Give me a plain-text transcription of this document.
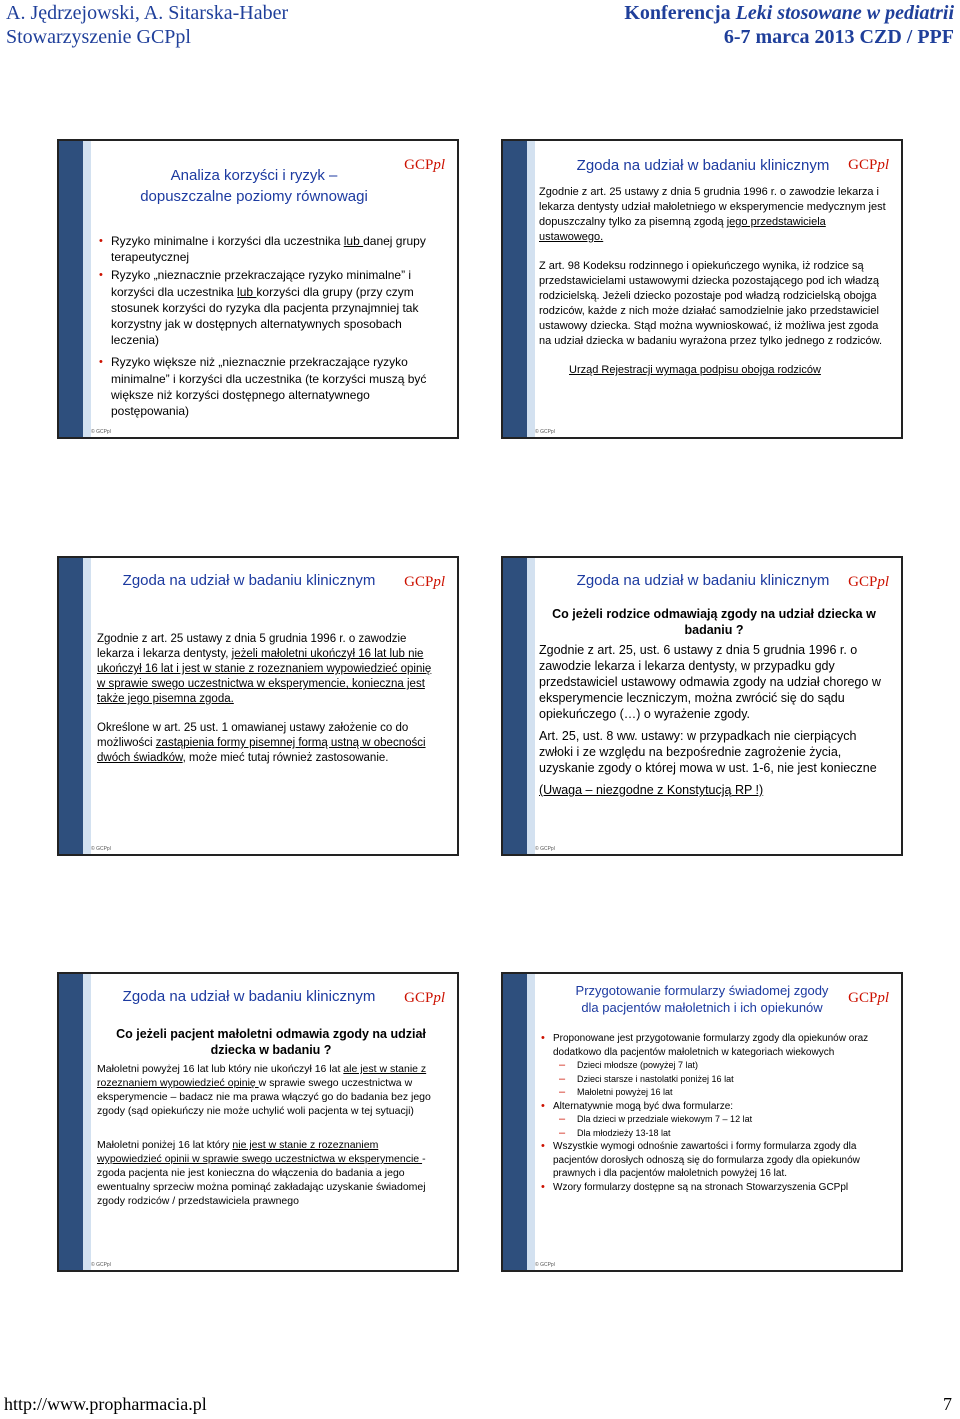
A. Jędrzejowski, A. Sitarska-Haber
Stowarzyszenie GCPpl
Konferencja Leki stosowane w pediatrii
6-7 marca 2013 CZD / PPF
Analiza korzyści i ryzyk –
dopuszczalne poziomy równowagi
GCPpl
• Ryzyko minimalne i korzyści dla uczestnika lub danej grupy terapeutycznej
• Ryzyko „nieznacznie przekraczające ryzyko minimalne” i korzyści dla uczestnika lub korzyści dla grupy (przy czym stosunek korzyści do ryzyka dla pacjenta przynajmniej tak korzystny jak w dostępnych alternatywnych sposobach leczenia)
• Ryzyko większe niż „nieznacznie przekraczające ryzyko minimalne” i korzyści dla uczestnika (te korzyści muszą być większe niż korzyści dostępnego alternatywnego postępowania)
© GCPpl
Zgoda na udział w badaniu klinicznym	GCPpl
Zgodnie z art. 25 ustawy z dnia 5 grudnia 1996 r. o zawodzie lekarza i lekarza dentysty udział małoletniego w eksperymencie medycznym jest dopuszczalny tylko za pisemną zgodą jego przedstawiciela ustawowego.
Z art. 98 Kodeksu rodzinnego i opiekuńczego wynika, iż rodzice są przedstawicielami ustawowymi dziecka pozostającego pod ich władzą rodzicielską. Jeżeli dziecko pozostaje pod władzą rodzicielską obojga rodziców, każde z nich może działać samodzielnie jako przedstawiciel ustawowy dziecka. Stąd można wywnioskować, iż możliwa jest zgoda na udział dziecka w badaniu wyrażona przez tylko jednego z rodziców.
Urząd Rejestracji wymaga podpisu obojga rodziców
© GCPpl
Zgoda na udział w badaniu klinicznym	GCPpl
Zgodnie z art. 25 ustawy z dnia 5 grudnia 1996 r. o zawodzie lekarza i lekarza dentysty, jeżeli małoletni ukończył 16 lat lub nie ukończył 16 lat i jest w stanie z rozeznaniem wypowiedzieć opinię w sprawie swego uczestnictwa w eksperymencie, konieczna jest także jego pisemna zgoda.
Określone w art. 25 ust. 1 omawianej ustawy założenie co do możliwości zastąpienia formy pisemnej formą ustną w obecności dwóch świadków, może mieć tutaj również zastosowanie.
© GCPpl
Zgoda na udział w badaniu klinicznym	GCPpl
Co jeżeli rodzice odmawiają zgody na udział dziecka w badaniu ?
Zgodnie z art. 25, ust. 6 ustawy z dnia 5 grudnia 1996 r. o zawodzie lekarza i lekarza dentysty, w przypadku gdy przedstawiciel ustawowy odmawia zgody na udział chorego w eksperymencie leczniczym, można zwrócić się do sądu opiekuńczego (…) o wyrażenie zgody.
Art. 25, ust. 8 ww. ustawy: w przypadkach nie cierpiących zwłoki i ze względu na bezpośrednie zagrożenie życia, uzyskanie zgody o której mowa w ust. 1-6, nie jest konieczne
(Uwaga – niezgodne z Konstytucją RP !)
© GCPpl
Zgoda na udział w badaniu klinicznym	GCPpl
Co jeżeli pacjent małoletni odmawia zgody na udział dziecka w badaniu ?
Małoletni powyżej 16 lat lub który nie ukończył 16 lat ale jest w stanie z rozeznaniem wypowiedzieć opinię w sprawie swego uczestnictwa w eksperymencie – badacz nie ma prawa włączyć go do badania bez jego zgody (sąd opiekuńczy nie może uchylić woli pacjenta w tej sytuacji)
Małoletni poniżej 16 lat który nie jest w stanie z rozeznaniem wypowiedzieć opinii w sprawie swego uczestnictwa w eksperymencie - zgoda pacjenta nie jest konieczna do włączenia do badania a jego ewentualny sprzeciw można pominąć zakładając uzyskanie świadomej zgody rodziców / przedstawiciela prawnego
© GCPpl
Przygotowanie formularzy świadomej zgody
dla pacjentów małoletnich i ich opiekunów
GCPpl
• Proponowane jest przygotowanie formularzy zgody dla opiekunów oraz dodatkowo dla pacjentów małoletnich w kategoriach wiekowych
– Dzieci młodsze (powyżej 7 lat)
– Dzieci starsze i nastolatki poniżej 16 lat
– Małoletni powyżej 16 lat
• Alternatywnie mogą być dwa formularze:
– Dla dzieci w przedziale wiekowym 7 – 12 lat
– Dla młodzieży 13-18 lat
• Wszystkie wymogi odnośnie zawartości i formy formularza zgody dla pacjentów dorosłych odnoszą się do formularza zgody dla opiekunów prawnych i dla pacjentów małoletnich powyżej 16 lat.
• Wzory formularzy dostępne są na stronach Stowarzyszenia GCPpl
© GCPpl
http://www.propharmacia.pl	7
